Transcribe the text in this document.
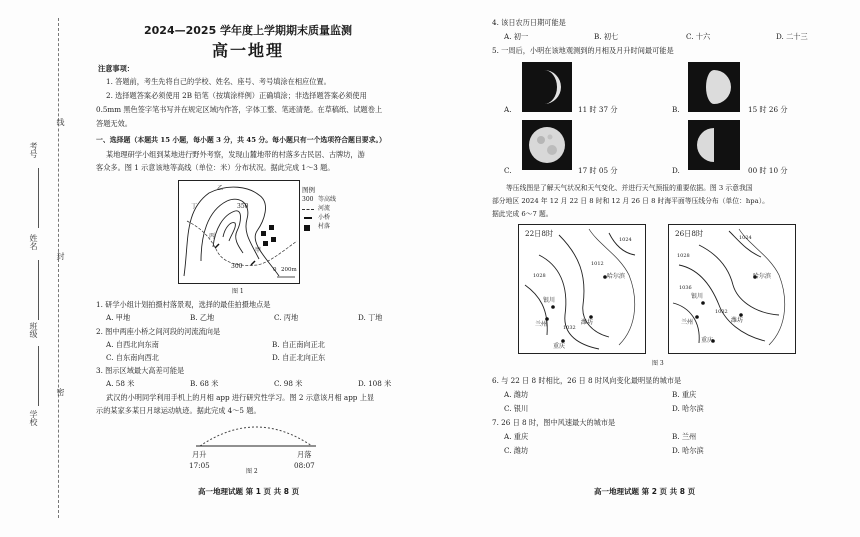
考号
姓名
班级
学校
线
封
密
2024—2025 学年度上学期期末质量监测
高一地理
注意事项：
1. 答题前，考生先将自己的学校、姓名、座号、考号填涂在相应位置。
2. 选择题答案必须使用 2B 铅笔（按填涂样例）正确填涂；非选择题答案必须使用
0.5mm 黑色签字笔书写并在规定区域内作答，字体工整、笔迹清楚。在草稿纸、试题卷上
答题无效。
一、选择题（本题共 15 小题，每小题 3 分，共 45 分。每小题只有一个选项符合题目要求。）
某地理研学小组到某地进行野外考察，发现山麓地带的村落多古民居、古牌坊，游
客众多。图 1 示意该地等高线（单位：米）分布状况。据此完成 1～3 题。
350
300
乙
丁
丙
甲
0 200m
图例
300 等高线
河流
小桥
村落
图 1
1. 研学小组计划拍摄村落景观，选择的最佳拍摄地点是
A. 甲地	B. 乙地	C. 丙地	D. 丁地
2. 图中两座小桥之间河段的河流流向是
A. 自西北向东南	B. 自正南向正北
C. 自东南向西北	D. 自正北向正东
3. 图示区域最大高差可能是
A. 58 米	B. 68 米	C. 98 米	D. 108 米
武汉的小明同学利用手机上的月相 app 进行研究性学习。图 2 示意该月相 app 上显
示的某家多某日月球运动轨迹。据此完成 4～5 题。
月升
17:05
月落
08:07
图 2
高一地理试题 第 1 页 共 8 页
4. 该日农历日期可能是
A. 初一	B. 初七	C. 十六	D. 二十三
5. 一周后，小明在该地观测到的月相及月升时间最可能是
A.	11 时 37 分	B.	15 时 26 分
C.	17 时 05 分	D.	00 时 10 分
等压线图是了解天气状况和天气变化、并进行天气预报的重要依据。图 3 示意我国
部分地区 2024 年 12 月 22 日 8 时和 12 月 26 日 8 时海平面等压线分布（单位：hpa）。
据此完成 6～7 题。
22日8时
哈尔滨
银川
兰州	潍坊
重庆
1024
1028
1032
1012
26日8时
哈尔滨
银川
兰州	潍坊
重庆
1024
1028
1036
1032
图 3
6. 与 22 日 8 时相比，26 日 8 时风向变化最明显的城市是
A. 潍坊	B. 重庆
C. 银川	D. 哈尔滨
7. 26 日 8 时，图中风速最大的城市是
A. 重庆	B. 兰州
C. 潍坊	D. 哈尔滨
高一地理试题 第 2 页 共 8 页
